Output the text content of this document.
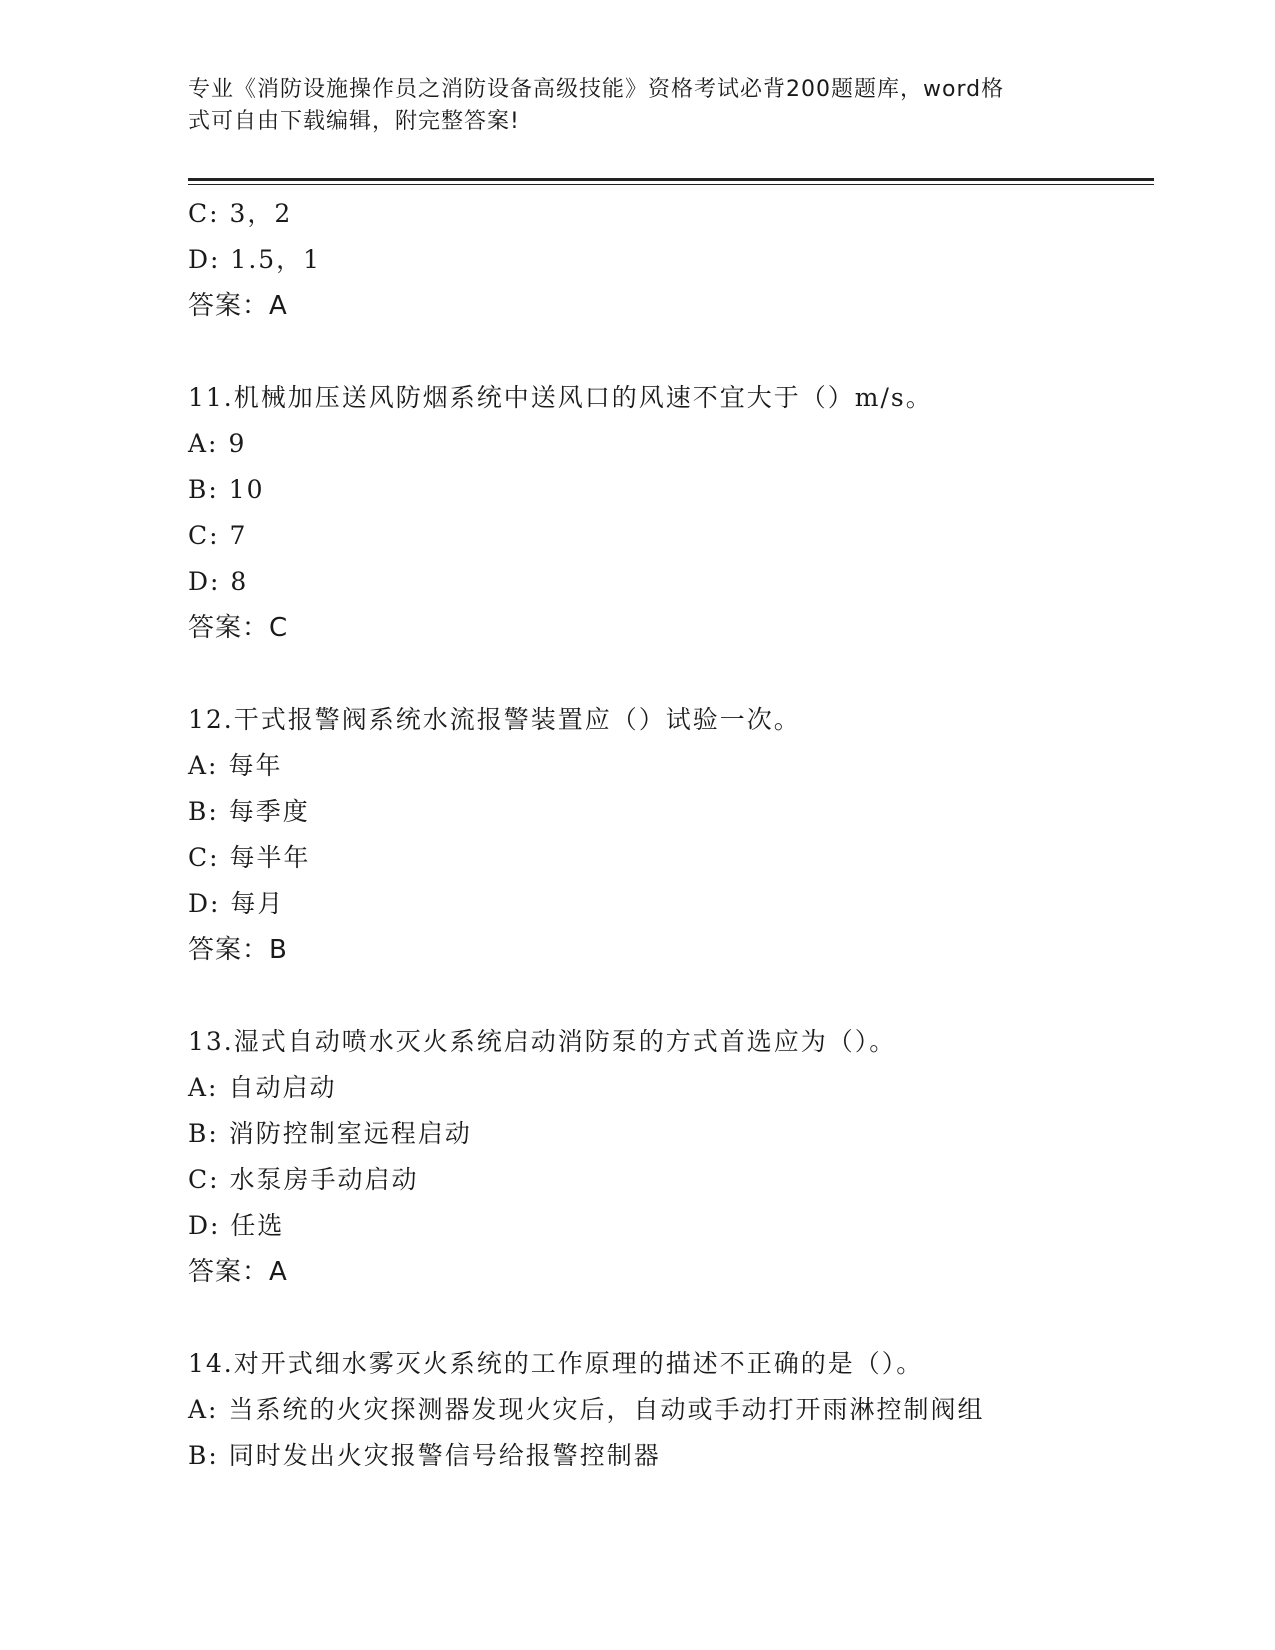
专业《消防设施操作员之消防设备高级技能》资格考试必背200题题库，word格
式可自由下载编辑，附完整答案!
C: 3，2
D: 1.5，1
答案：A
11.机械加压送风防烟系统中送风口的风速不宜大于（）m/s。
A: 9
B: 10
C: 7
D: 8
答案：C
12.干式报警阀系统水流报警装置应（）试验一次。
A: 每年
B: 每季度
C: 每半年
D: 每月
答案：B
13.湿式自动喷水灭火系统启动消防泵的方式首选应为（）。
A: 自动启动
B: 消防控制室远程启动
C: 水泵房手动启动
D: 任选
答案：A
14.对开式细水雾灭火系统的工作原理的描述不正确的是（）。
A: 当系统的火灾探测器发现火灾后，自动或手动打开雨淋控制阀组
B: 同时发出火灾报警信号给报警控制器
